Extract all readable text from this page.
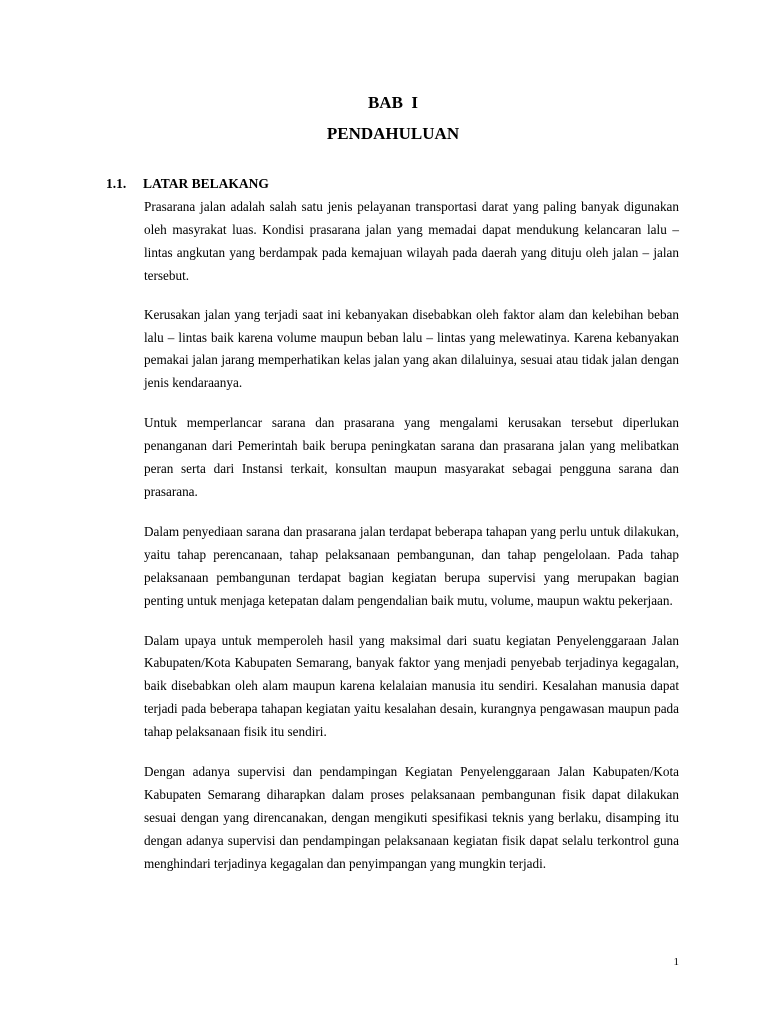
BAB  I
PENDAHULUAN
1.1. LATAR BELAKANG

Prasarana jalan adalah salah satu jenis pelayanan transportasi darat yang paling banyak digunakan oleh masyrakat luas. Kondisi prasarana jalan yang memadai dapat mendukung kelancaran lalu – lintas angkutan yang berdampak pada kemajuan wilayah pada daerah yang dituju oleh jalan – jalan tersebut.

Kerusakan jalan yang terjadi saat ini kebanyakan disebabkan oleh faktor alam dan kelebihan beban lalu – lintas baik karena volume maupun beban lalu – lintas yang melewatinya. Karena kebanyakan pemakai jalan jarang memperhatikan kelas jalan yang akan dilaluinya, sesuai atau tidak jalan dengan jenis kendaraanya.

Untuk memperlancar sarana dan prasarana yang mengalami kerusakan tersebut diperlukan penanganan dari Pemerintah baik berupa peningkatan sarana dan prasarana jalan yang melibatkan peran serta dari Instansi terkait, konsultan maupun masyarakat sebagai pengguna sarana dan prasarana.

Dalam penyediaan sarana dan prasarana jalan terdapat beberapa tahapan yang perlu untuk dilakukan, yaitu tahap perencanaan, tahap pelaksanaan pembangunan, dan tahap pengelolaan. Pada tahap pelaksanaan pembangunan terdapat bagian kegiatan berupa supervisi yang merupakan bagian penting untuk menjaga ketepatan dalam pengendalian baik mutu, volume, maupun waktu pekerjaan.

Dalam upaya untuk memperoleh hasil yang maksimal dari suatu kegiatan Penyelenggaraan Jalan Kabupaten/Kota Kabupaten Semarang, banyak faktor yang menjadi penyebab terjadinya kegagalan, baik disebabkan oleh alam maupun karena kelalaian manusia itu sendiri. Kesalahan manusia dapat terjadi pada beberapa tahapan kegiatan yaitu kesalahan desain, kurangnya pengawasan maupun pada tahap pelaksanaan fisik itu sendiri.

Dengan adanya supervisi dan pendampingan Kegiatan Penyelenggaraan Jalan Kabupaten/Kota Kabupaten Semarang diharapkan dalam proses pelaksanaan pembangunan fisik dapat dilakukan sesuai dengan yang direncanakan, dengan mengikuti spesifikasi teknis yang berlaku, disamping itu dengan adanya supervisi dan pendampingan pelaksanaan kegiatan fisik dapat selalu terkontrol guna menghindari terjadinya kegagalan dan penyimpangan yang mungkin terjadi.

1
